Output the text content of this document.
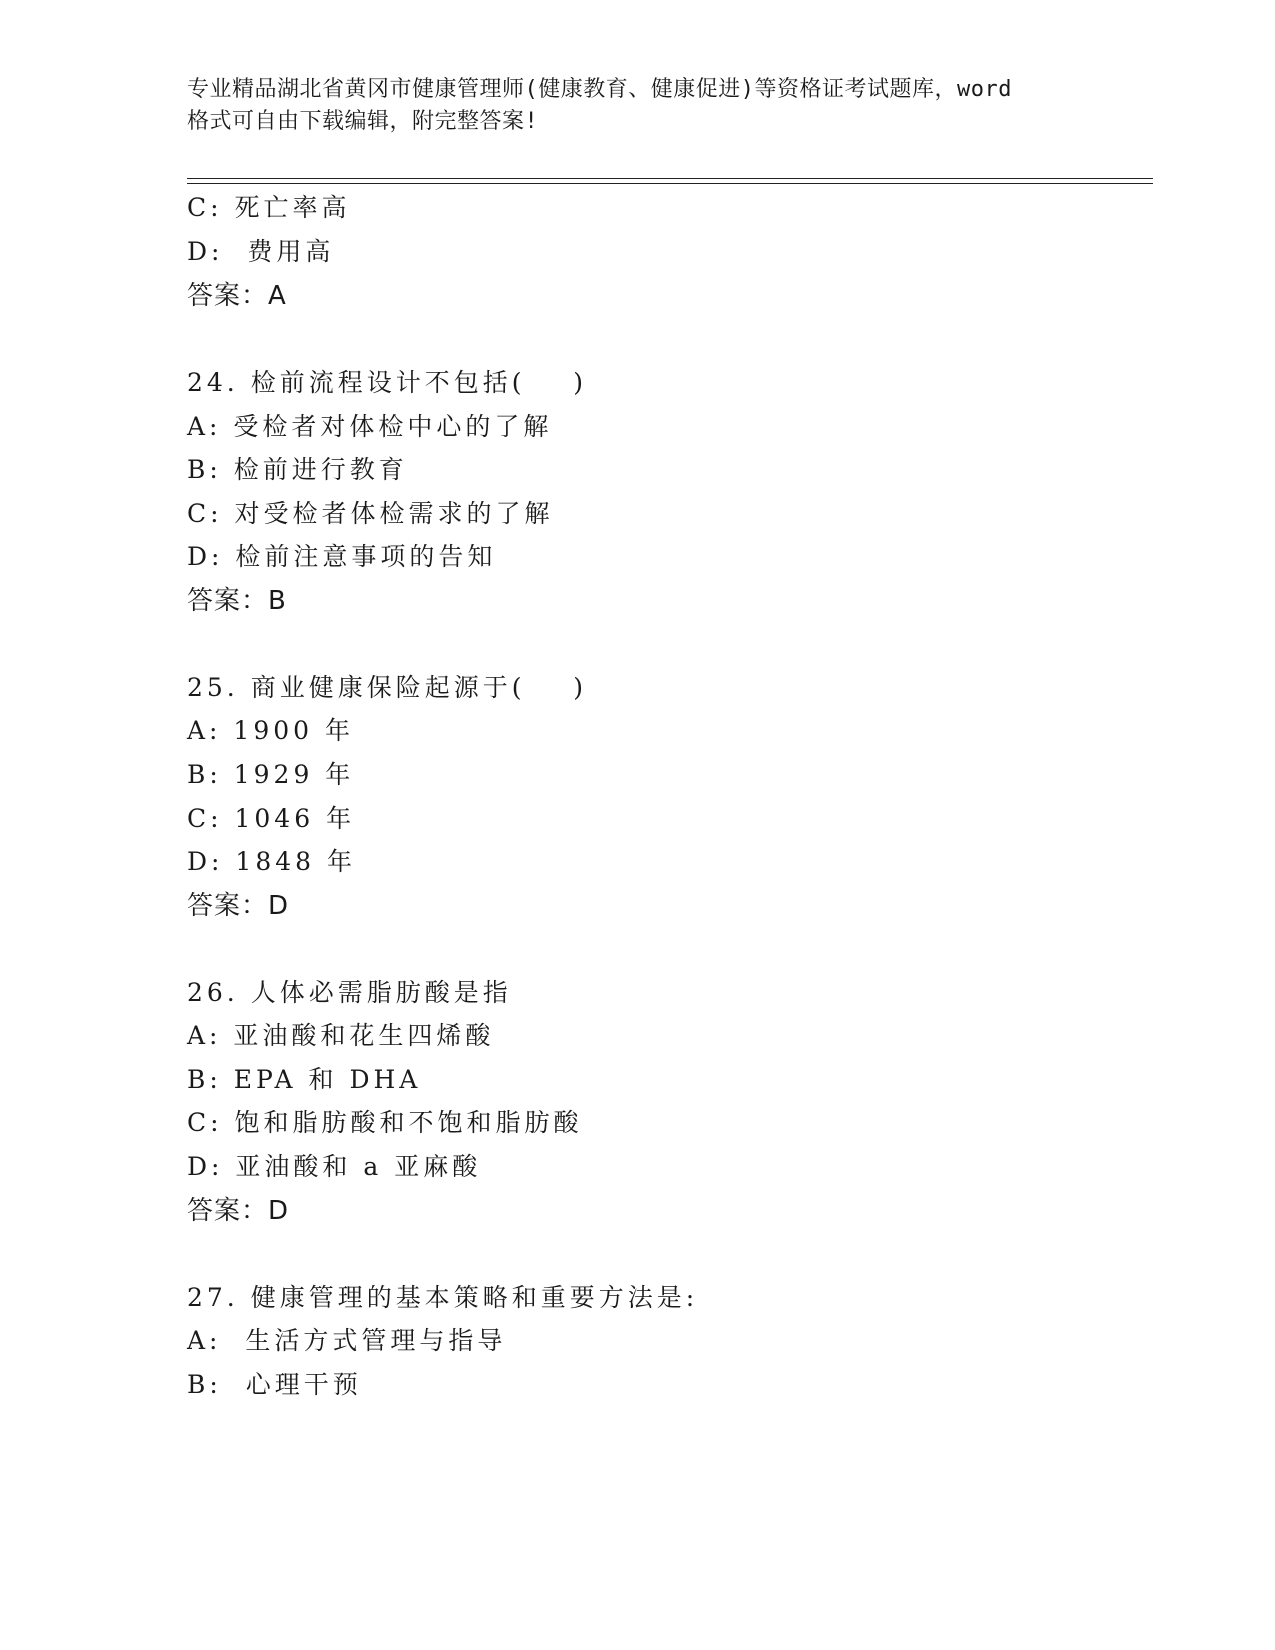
专业精品湖北省黄冈市健康管理师(健康教育、健康促进)等资格证考试题库，word
格式可自由下载编辑，附完整答案!
C: 死亡率高
D:  费用高
答案：A
24. 检前流程设计不包括(    )
A: 受检者对体检中心的了解
B: 检前进行教育
C: 对受检者体检需求的了解
D: 检前注意事项的告知
答案：B
25. 商业健康保险起源于(    )
A: 1900 年
B: 1929 年
C: 1046 年
D: 1848 年
答案：D
26. 人体必需脂肪酸是指
A: 亚油酸和花生四烯酸
B: EPA 和 DHA
C: 饱和脂肪酸和不饱和脂肪酸
D: 亚油酸和 a 亚麻酸
答案：D
27. 健康管理的基本策略和重要方法是:
A:  生活方式管理与指导
B:  心理干预
